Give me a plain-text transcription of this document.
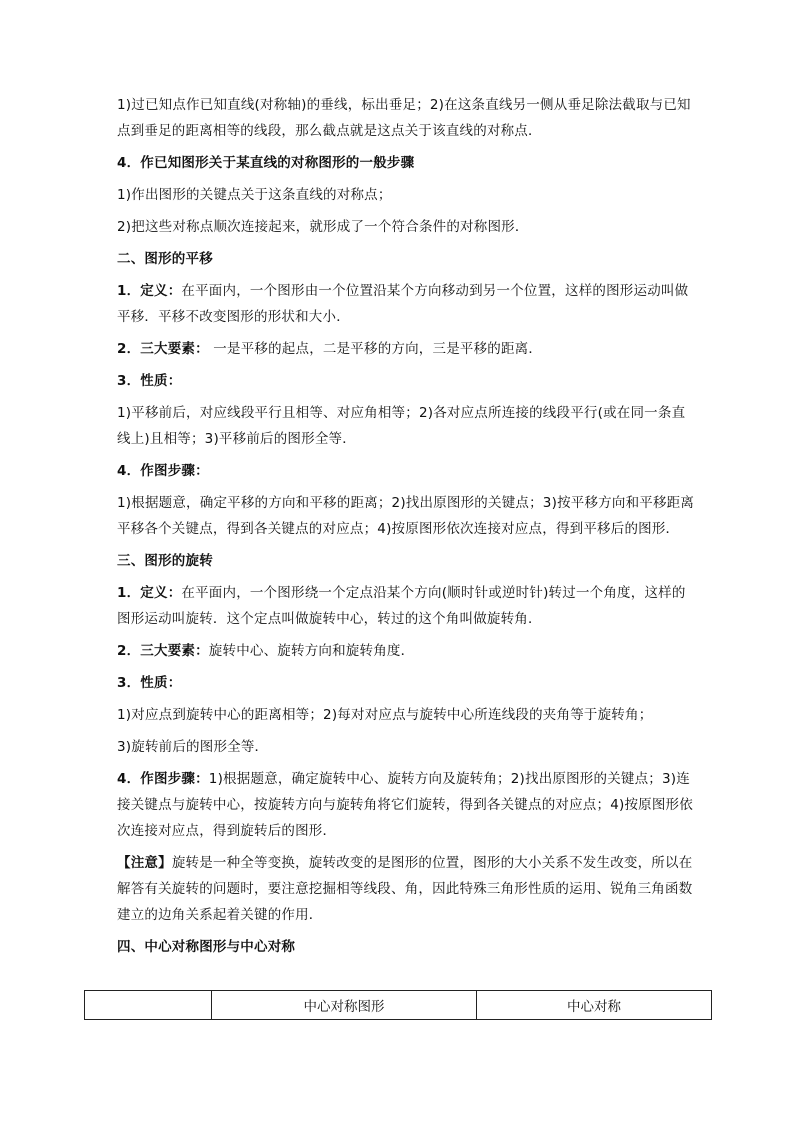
1)过已知点作已知直线(对称轴)的垂线，标出垂足；2)在这条直线另一侧从垂足除法截取与已知点到垂足的距离相等的线段，那么截点就是这点关于该直线的对称点．
4．作已知图形关于某直线的对称图形的一般步骤
1)作出图形的关键点关于这条直线的对称点；
2)把这些对称点顺次连接起来，就形成了一个符合条件的对称图形．
二、图形的平移
1．定义：在平面内，一个图形由一个位置沿某个方向移动到另一个位置，这样的图形运动叫做平移．平移不改变图形的形状和大小．
2．三大要素： 一是平移的起点，二是平移的方向，三是平移的距离．
3．性质：
1)平移前后，对应线段平行且相等、对应角相等；2)各对应点所连接的线段平行(或在同一条直线上)且相等；3)平移前后的图形全等．
4．作图步骤：
1)根据题意，确定平移的方向和平移的距离；2)找出原图形的关键点；3)按平移方向和平移距离平移各个关键点，得到各关键点的对应点；4)按原图形依次连接对应点，得到平移后的图形．
三、图形的旋转
1．定义：在平面内，一个图形绕一个定点沿某个方向(顺时针或逆时针)转过一个角度，这样的图形运动叫旋转．这个定点叫做旋转中心，转过的这个角叫做旋转角．
2．三大要素：旋转中心、旋转方向和旋转角度．
3．性质：
1)对应点到旋转中心的距离相等；2)每对对应点与旋转中心所连线段的夹角等于旋转角；
3)旋转前后的图形全等．
4．作图步骤：1)根据题意，确定旋转中心、旋转方向及旋转角；2)找出原图形的关键点；3)连接关键点与旋转中心，按旋转方向与旋转角将它们旋转，得到各关键点的对应点；4)按原图形依次连接对应点，得到旋转后的图形．
【注意】旋转是一种全等变换，旋转改变的是图形的位置，图形的大小关系不发生改变，所以在解答有关旋转的问题时，要注意挖掘相等线段、角，因此特殊三角形性质的运用、锐角三角函数建立的边角关系起着关键的作用．
四、中心对称图形与中心对称
	中心对称图形	中心对称
